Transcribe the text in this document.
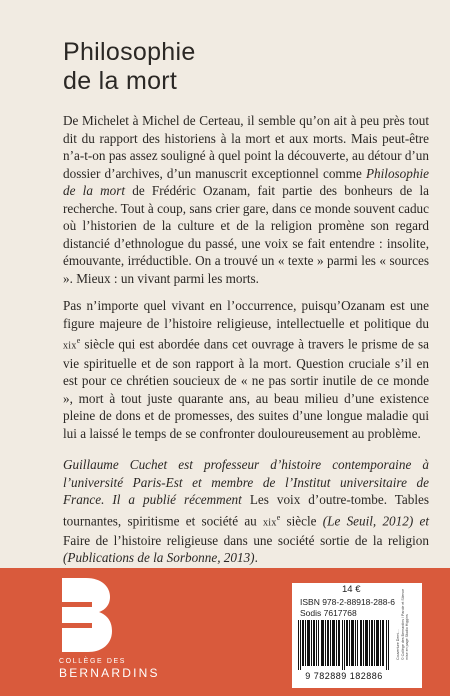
Philosophie
de la mort

De Michelet à Michel de Certeau, il semble qu’on ait à peu près tout dit du rapport des historiens à la mort et aux morts. Mais peut-être n’a-t-on pas assez souligné à quel point la découverte, au détour d’un dossier d’archives, d’un manuscrit exceptionnel comme Philosophie de la mort de Frédéric Ozanam, fait partie des bonheurs de la recherche. Tout à coup, sans crier gare, dans ce monde souvent caduc où l’historien de la culture et de la religion promène son regard distancié d’ethnologue du passé, une voix se fait entendre : insolite, émouvante, irréductible. On a trouvé un « texte » parmi les « sources ». Mieux : un vivant parmi les morts.

Pas n’importe quel vivant en l’occurrence, puisqu’Ozanam est une figure majeure de l’histoire religieuse, intellectuelle et politique du xix$^e$ siècle qui est abordée dans cet ouvrage à travers le prisme de sa vie spirituelle et de son rapport à la mort. Question cruciale s’il en est pour ce chrétien soucieux de « ne pas sortir inutile de ce monde », mort à tout juste quarante ans, au beau milieu d’une existence pleine de dons et de promesses, des suites d’une longue maladie qui lui a laissé le temps de se confronter douloureusement au problème.

Guillaume Cuchet est professeur d’histoire contemporaine à l’université Paris-Est et membre de l’Institut universitaire de France. Il a publié récemment Les voix d’outre-tombe. Tables tournantes, spiritisme et société au xix$^e$ siècle (Le Seuil, 2012) et Faire de l’histoire religieuse dans une société sortie de la religion (Publications de la Sorbonne, 2013).

COLLÈGE DES
BERNARDINS
14 €
ISBN 978-2-88918-288-6
Sodis 7617768
9 782889 182886
Couverture Demi… © Collège des Bernardins / Parole et Silence mise en page Studio Higgins
